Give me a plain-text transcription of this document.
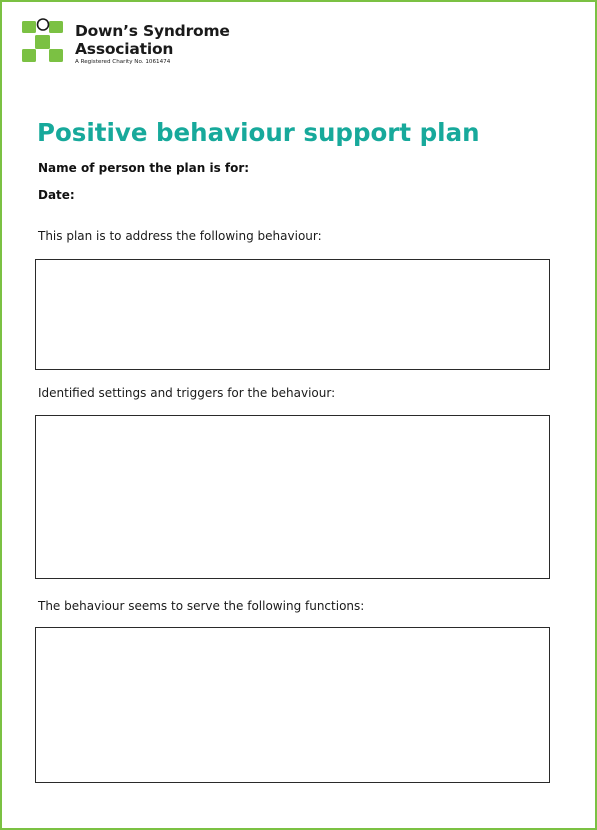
Down’s Syndrome
Association
A Registered Charity No. 1061474
Positive behaviour support plan
Name of person the plan is for:
Date:
This plan is to address the following behaviour:
Identified settings and triggers for the behaviour:
The behaviour seems to serve the following functions:
